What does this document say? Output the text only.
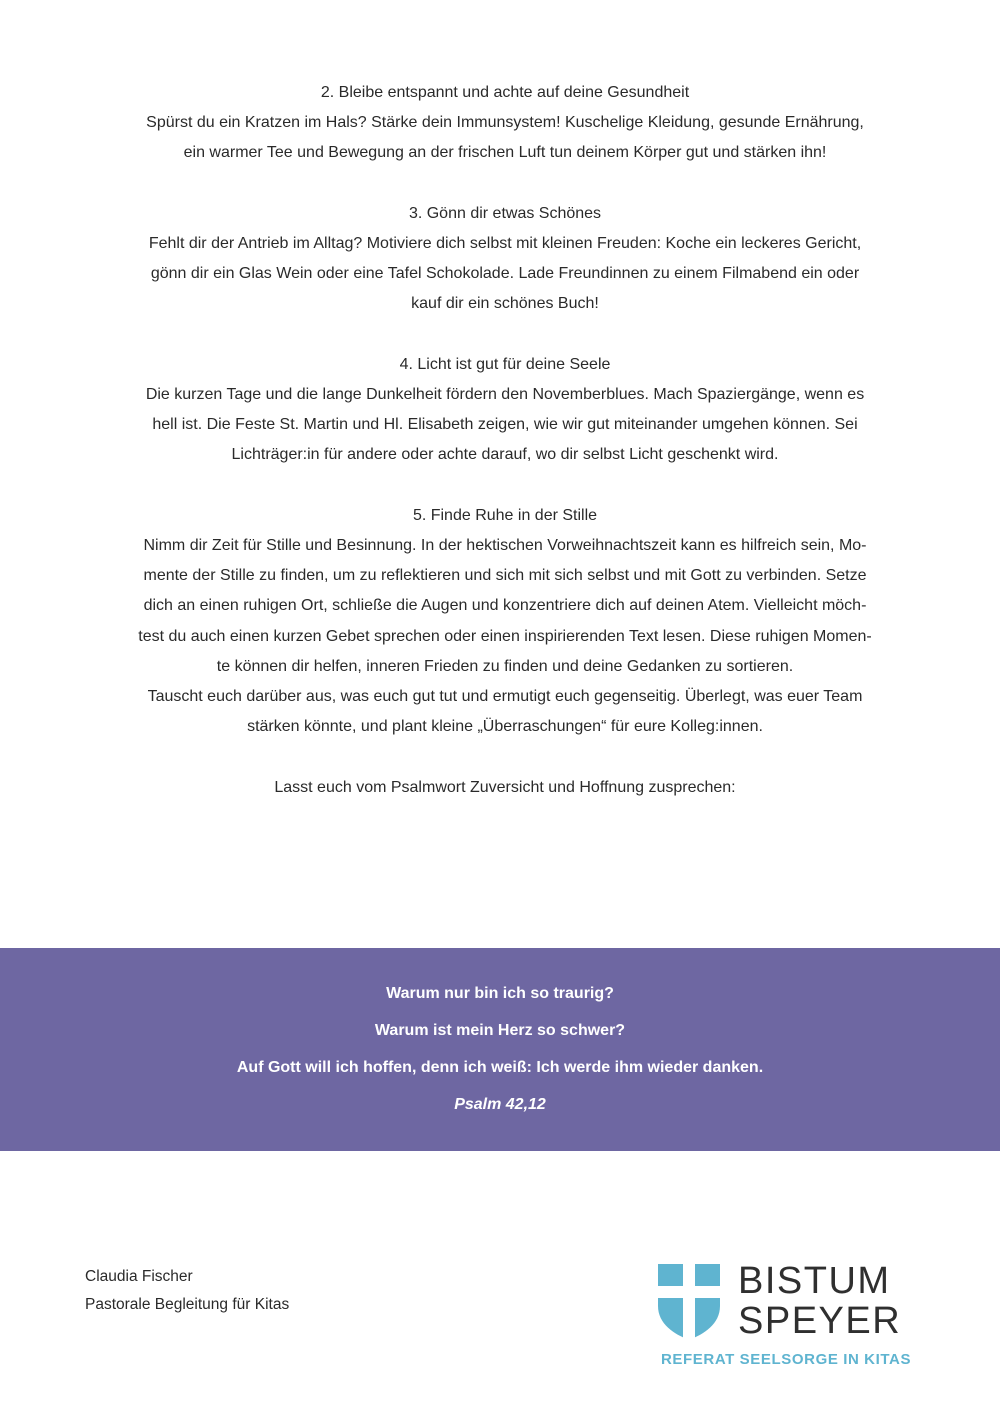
2. Bleibe entspannt und achte auf deine Gesundheit

Spürst du ein Kratzen im Hals? Stärke dein Immunsystem! Kuschelige Kleidung, gesunde Ernährung,

ein warmer Tee und Bewegung an der frischen Luft tun deinem Körper gut und stärken ihn!

3. Gönn dir etwas Schönes

Fehlt dir der Antrieb im Alltag? Motiviere dich selbst mit kleinen Freuden: Koche ein leckeres Gericht,

gönn dir ein Glas Wein oder eine Tafel Schokolade. Lade Freundinnen zu einem Filmabend ein oder

kauf dir ein schönes Buch!

4. Licht ist gut für deine Seele

Die kurzen Tage und die lange Dunkelheit fördern den Novemberblues. Mach Spaziergänge, wenn es

hell ist. Die Feste St. Martin und Hl. Elisabeth zeigen, wie wir gut miteinander umgehen können. Sei

Lichträger:in für andere oder achte darauf, wo dir selbst Licht geschenkt wird.

5. Finde Ruhe in der Stille

Nimm dir Zeit für Stille und Besinnung. In der hektischen Vorweihnachtszeit kann es hilfreich sein, Mo-

mente der Stille zu finden, um zu reflektieren und sich mit sich selbst und mit Gott zu verbinden. Setze

dich an einen ruhigen Ort, schließe die Augen und konzentriere dich auf deinen Atem. Vielleicht möch-

test du auch einen kurzen Gebet sprechen oder einen inspirierenden Text lesen. Diese ruhigen Momen-

te können dir helfen, inneren Frieden zu finden und deine Gedanken zu sortieren.

Tauscht euch darüber aus, was euch gut tut und ermutigt euch gegenseitig. Überlegt, was euer Team

stärken könnte, und plant kleine „Überraschungen“ für eure Kolleg:innen.

Lasst euch vom Psalmwort Zuversicht und Hoffnung zusprechen:

Warum nur bin ich so traurig?
Warum ist mein Herz so schwer?
Auf Gott will ich hoffen, denn ich weiß: Ich werde ihm wieder danken.
Psalm 42,12
Claudia Fischer
Pastorale Begleitung für Kitas
BISTUM
SPEYER
REFERAT SEELSORGE IN KITAS
